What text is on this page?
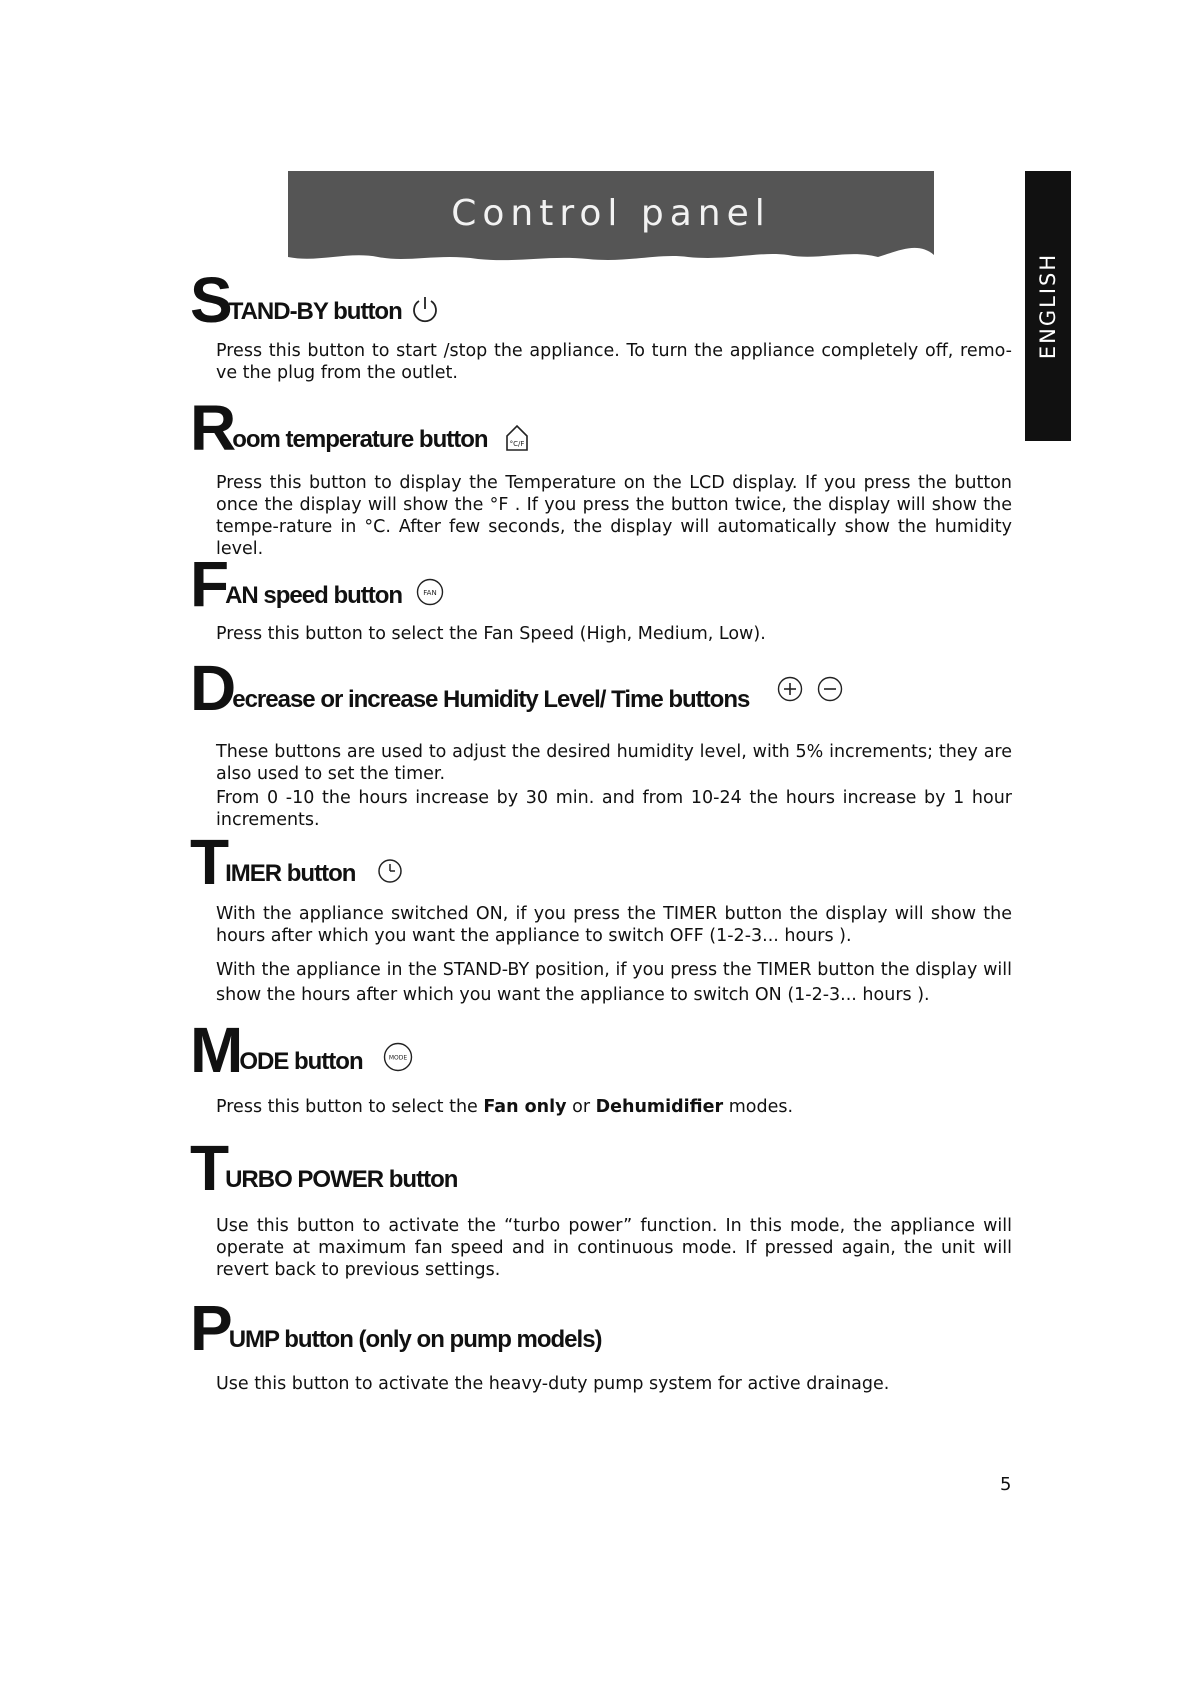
Control panel
ENGLISH
S TAND-BY button
Press this button to start /stop the appliance. To turn the appliance completely off, remo-ve the plug from the outlet.
R oom temperature button	°C/F
Press this button to display the Temperature on the LCD display. If you press the button once the display will show the °F . If you press the button twice, the display will show the tempe-rature in °C. After few seconds, the display will automatically show the humidity level.
F AN speed button	FAN
Press this button to select the Fan Speed (High, Medium, Low).
D ecrease or increase Humidity Level/ Time buttons
These buttons are used to adjust the desired humidity level, with 5% increments; they are also used to set the timer.
From 0 -10 the hours increase by 30 min. and from 10-24 the hours increase by 1 hour increments.
T IMER button
With the appliance switched ON, if you press the TIMER button the display will show the hours after which you want the appliance to switch OFF (1-2-3... hours ).
With the appliance in the STAND-BY position, if you press the TIMER button the display will show the hours after which you want the appliance to switch ON (1-2-3... hours ).
M ODE button	MODE
Press this button to select the Fan only or Dehumidifier modes.
T URBO POWER button
Use this button to activate the “turbo power” function. In this mode, the appliance will operate at maximum fan speed and in continuous mode. If pressed again, the unit will revert back to previous settings.
P UMP button (only on pump models)
Use this button to activate the heavy-duty pump system for active drainage.
5
